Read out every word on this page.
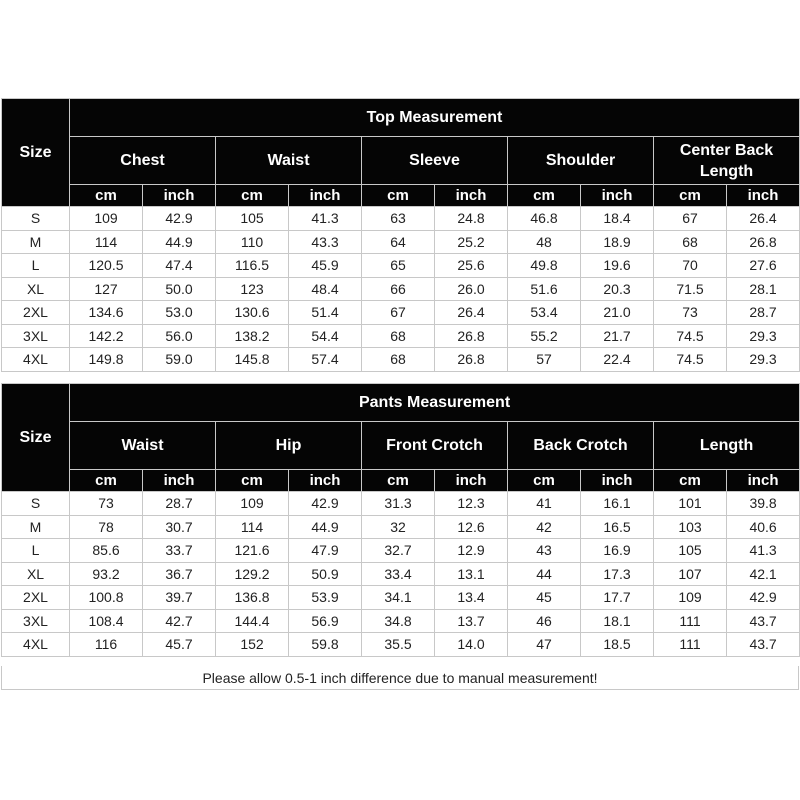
Size	Top Measurement									
	Chest		Waist		Sleeve		Shoulder		Center Back Length	
	cm	inch	cm	inch	cm	inch	cm	inch	cm	inch
S	109	42.9	105	41.3	63	24.8	46.8	18.4	67	26.4
M	114	44.9	110	43.3	64	25.2	48	18.9	68	26.8
L	120.5	47.4	116.5	45.9	65	25.6	49.8	19.6	70	27.6
XL	127	50.0	123	48.4	66	26.0	51.6	20.3	71.5	28.1
2XL	134.6	53.0	130.6	51.4	67	26.4	53.4	21.0	73	28.7
3XL	142.2	56.0	138.2	54.4	68	26.8	55.2	21.7	74.5	29.3
4XL	149.8	59.0	145.8	57.4	68	26.8	57	22.4	74.5	29.3
Size	Pants Measurement									
	Waist		Hip		Front Crotch		Back Crotch		Length	
	cm	inch	cm	inch	cm	inch	cm	inch	cm	inch
S	73	28.7	109	42.9	31.3	12.3	41	16.1	101	39.8
M	78	30.7	114	44.9	32	12.6	42	16.5	103	40.6
L	85.6	33.7	121.6	47.9	32.7	12.9	43	16.9	105	41.3
XL	93.2	36.7	129.2	50.9	33.4	13.1	44	17.3	107	42.1
2XL	100.8	39.7	136.8	53.9	34.1	13.4	45	17.7	109	42.9
3XL	108.4	42.7	144.4	56.9	34.8	13.7	46	18.1	111	43.7
4XL	116	45.7	152	59.8	35.5	14.0	47	18.5	111	43.7
Please allow 0.5-1 inch difference due to manual measurement!
